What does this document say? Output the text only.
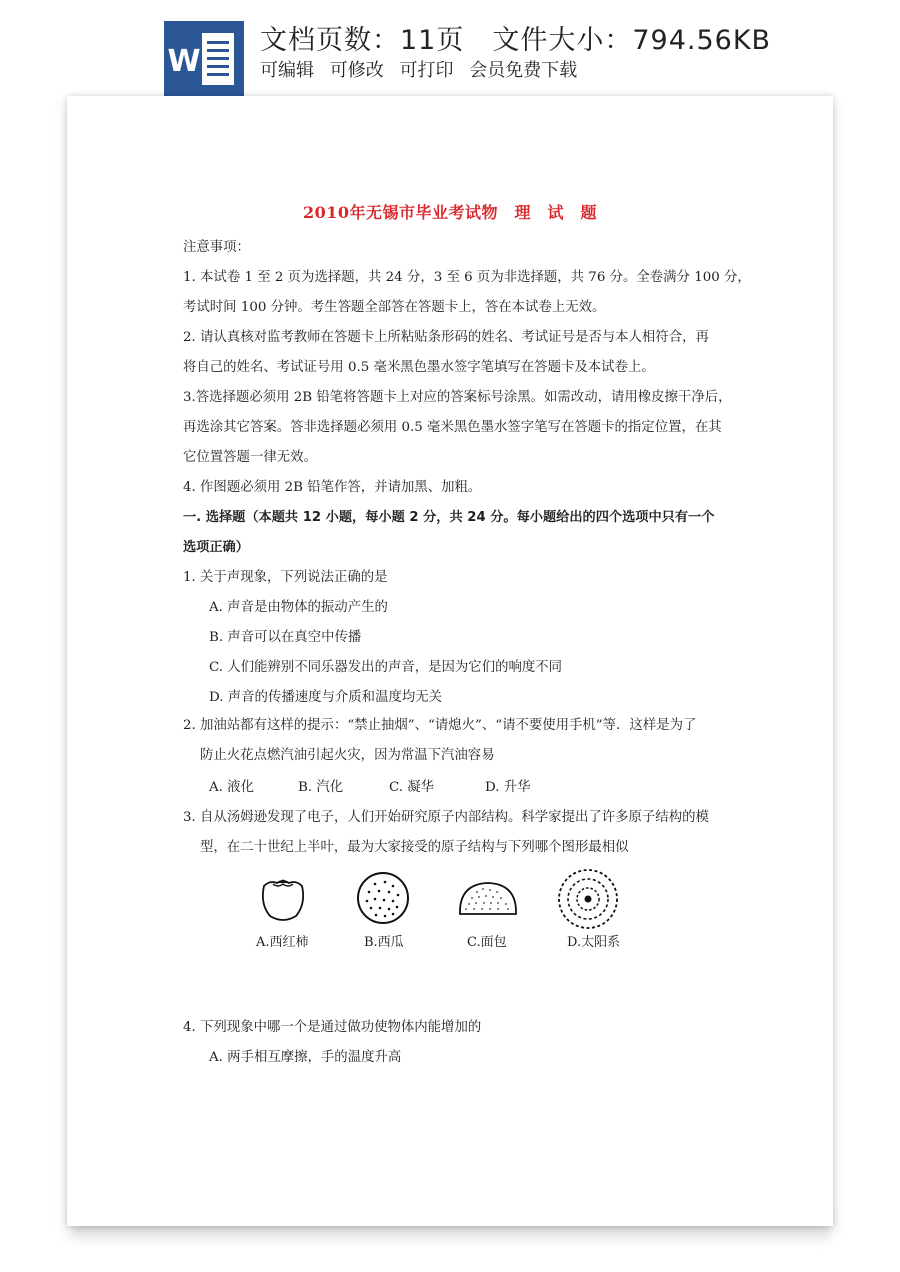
W
文档页数：11页 文件大小：794.56KB
可编辑 可修改 可打印 会员免费下载
2010年无锡市毕业考试物　理　试　题
注意事项：
1. 本试卷 1 至 2 页为选择题，共 24 分，3 至 6 页为非选择题，共 76 分。全卷满分 100 分，
考试时间 100 分钟。考生答题全部答在答题卡上，答在本试卷上无效。
2. 请认真核对监考教师在答题卡上所粘贴条形码的姓名、考试证号是否与本人相符合，再
将自己的姓名、考试证号用 0.5 毫米黑色墨水签字笔填写在答题卡及本试卷上。
3.答选择题必须用 2B 铅笔将答题卡上对应的答案标号涂黑。如需改动，请用橡皮擦干净后，
再选涂其它答案。答非选择题必须用 0.5 毫米黑色墨水签字笔写在答题卡的指定位置，在其
它位置答题一律无效。
4. 作图题必须用 2B 铅笔作答，并请加黑、加粗。
一. 选择题（本题共 12 小题，每小题 2 分，共 24 分。每小题给出的四个选项中只有一个
选项正确）
1. 关于声现象，下列说法正确的是
A. 声音是由物体的振动产生的
B. 声音可以在真空中传播
C. 人们能辨别不同乐器发出的声音，是因为它们的响度不同
D. 声音的传播速度与介质和温度均无关
2. 加油站都有这样的提示：“禁止抽烟”、“请熄火”、“请不要使用手机”等．这样是为了
防止火花点燃汽油引起火灾，因为常温下汽油容易
A. 液化	B. 汽化	C. 凝华	D. 升华
3. 自从汤姆逊发现了电子，人们开始研究原子内部结构。科学家提出了许多原子结构的模
型，在二十世纪上半叶，最为大家接受的原子结构与下列哪个图形最相似
A.西红柿	B.西瓜	C.面包	D.太阳系
4. 下列现象中哪一个是通过做功使物体内能增加的
A. 两手相互摩擦，手的温度升高
